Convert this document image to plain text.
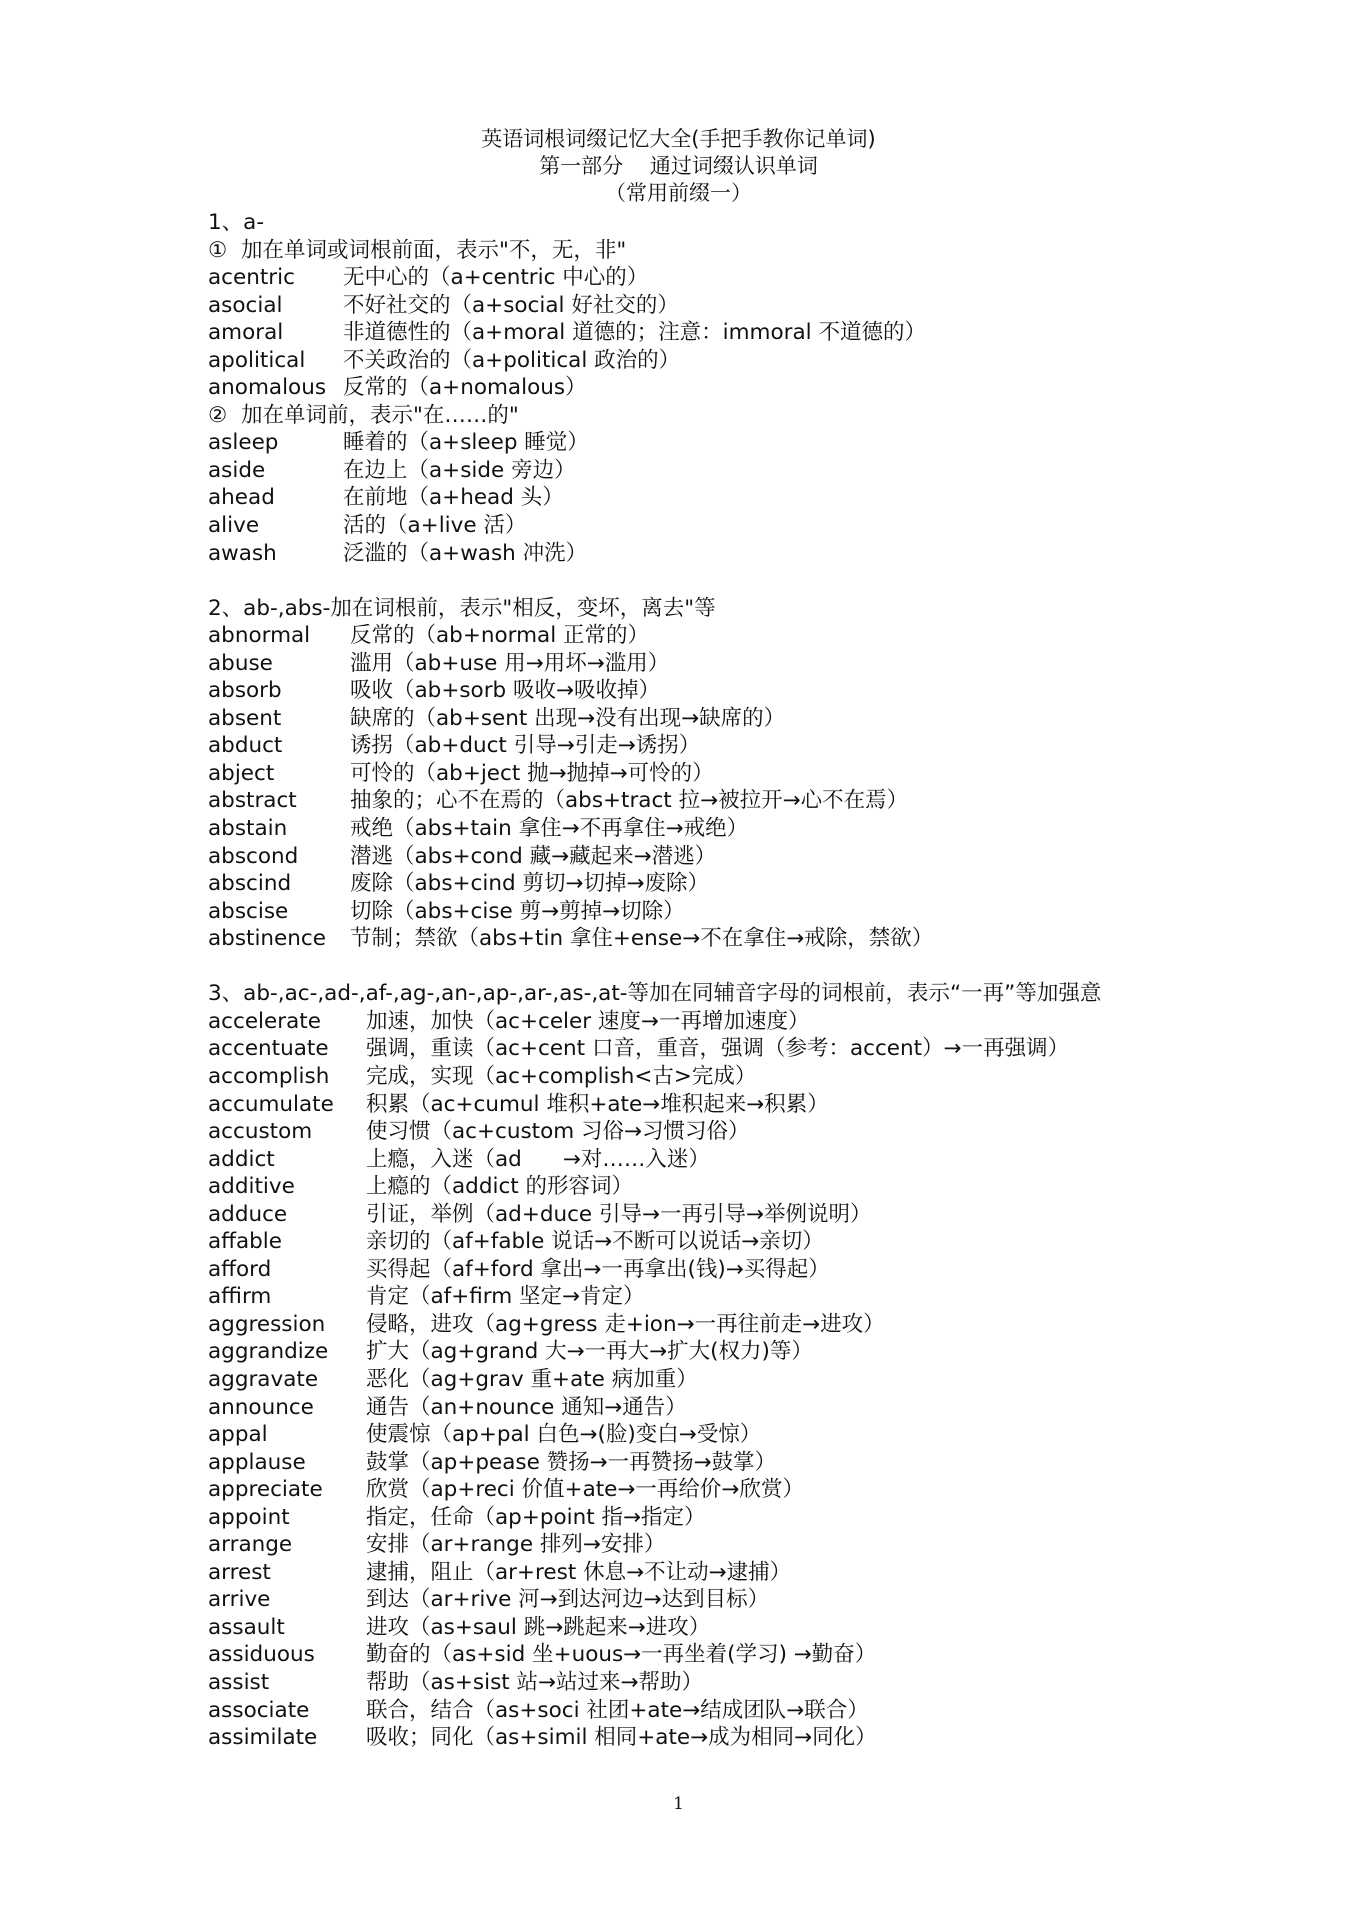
英语词根词缀记忆大全(手把手教你记单词)
第一部分    通过词缀认识单词
（常用前缀一）
1、a-
①  加在单词或词根前面，表示"不，无，非"
acentric	无中心的（a+centric 中心的）
asocial	不好社交的（a+social 好社交的）
amoral	非道德性的（a+moral 道德的；注意：immoral 不道德的）
apolitical	不关政治的（a+political 政治的）
anomalous 反常的（a+nomalous）
②  加在单词前，表示"在……的"
asleep	睡着的（a+sleep 睡觉）
aside	在边上（a+side 旁边）
ahead	在前地（a+head 头）
alive	活的（a+live 活）
awash	泛滥的（a+wash 冲洗）
2、ab-,abs-加在词根前，表示"相反，变坏，离去"等
abnormal	反常的（ab+normal 正常的）
abuse	滥用（ab+use 用→用坏→滥用）
absorb	吸收（ab+sorb 吸收→吸收掉）
absent	缺席的（ab+sent 出现→没有出现→缺席的）
abduct	诱拐（ab+duct 引导→引走→诱拐）
abject	可怜的（ab+ject 抛→抛掉→可怜的）
abstract	抽象的；心不在焉的（abs+tract 拉→被拉开→心不在焉）
abstain	戒绝（abs+tain 拿住→不再拿住→戒绝）
abscond	潜逃（abs+cond 藏→藏起来→潜逃）
abscind	废除（abs+cind 剪切→切掉→废除）
abscise	切除（abs+cise 剪→剪掉→切除）
abstinence	节制；禁欲（abs+tin 拿住+ense→不在拿住→戒除，禁欲）
3、ab-,ac-,ad-,af-,ag-,an-,ap-,ar-,as-,at-等加在同辅音字母的词根前，表示“一再”等加强意
accelerate	加速，加快（ac+celer 速度→一再增加速度）
accentuate	强调，重读（ac+cent 口音，重音，强调（参考：accent）→一再强调）
accomplish	完成，实现（ac+complish<古>完成）
accumulate	积累（ac+cumul 堆积+ate→堆积起来→积累）
accustom	使习惯（ac+custom 习俗→习惯习俗）
addict	上瘾，入迷（ad      →对……入迷）
additive	上瘾的（addict 的形容词）
adduce	引证，举例（ad+duce 引导→一再引导→举例说明）
affable	亲切的（af+fable 说话→不断可以说话→亲切）
afford	买得起（af+ford 拿出→一再拿出(钱)→买得起）
affirm	肯定（af+firm 坚定→肯定）
aggression	侵略，进攻（ag+gress 走+ion→一再往前走→进攻）
aggrandize	扩大（ag+grand 大→一再大→扩大(权力)等）
aggravate	恶化（ag+grav 重+ate 病加重）
announce	通告（an+nounce 通知→通告）
appal	使震惊（ap+pal 白色→(脸)变白→受惊）
applause	鼓掌（ap+pease 赞扬→一再赞扬→鼓掌）
appreciate	欣赏（ap+reci 价值+ate→一再给价→欣赏）
appoint	指定，任命（ap+point 指→指定）
arrange	安排（ar+range 排列→安排）
arrest	逮捕，阻止（ar+rest 休息→不让动→逮捕）
arrive	到达（ar+rive 河→到达河边→达到目标）
assault	进攻（as+saul 跳→跳起来→进攻）
assiduous	勤奋的（as+sid 坐+uous→一再坐着(学习) →勤奋）
assist	帮助（as+sist 站→站过来→帮助）
associate	联合，结合（as+soci 社团+ate→结成团队→联合）
assimilate	吸收；同化（as+simil 相同+ate→成为相同→同化）
1
